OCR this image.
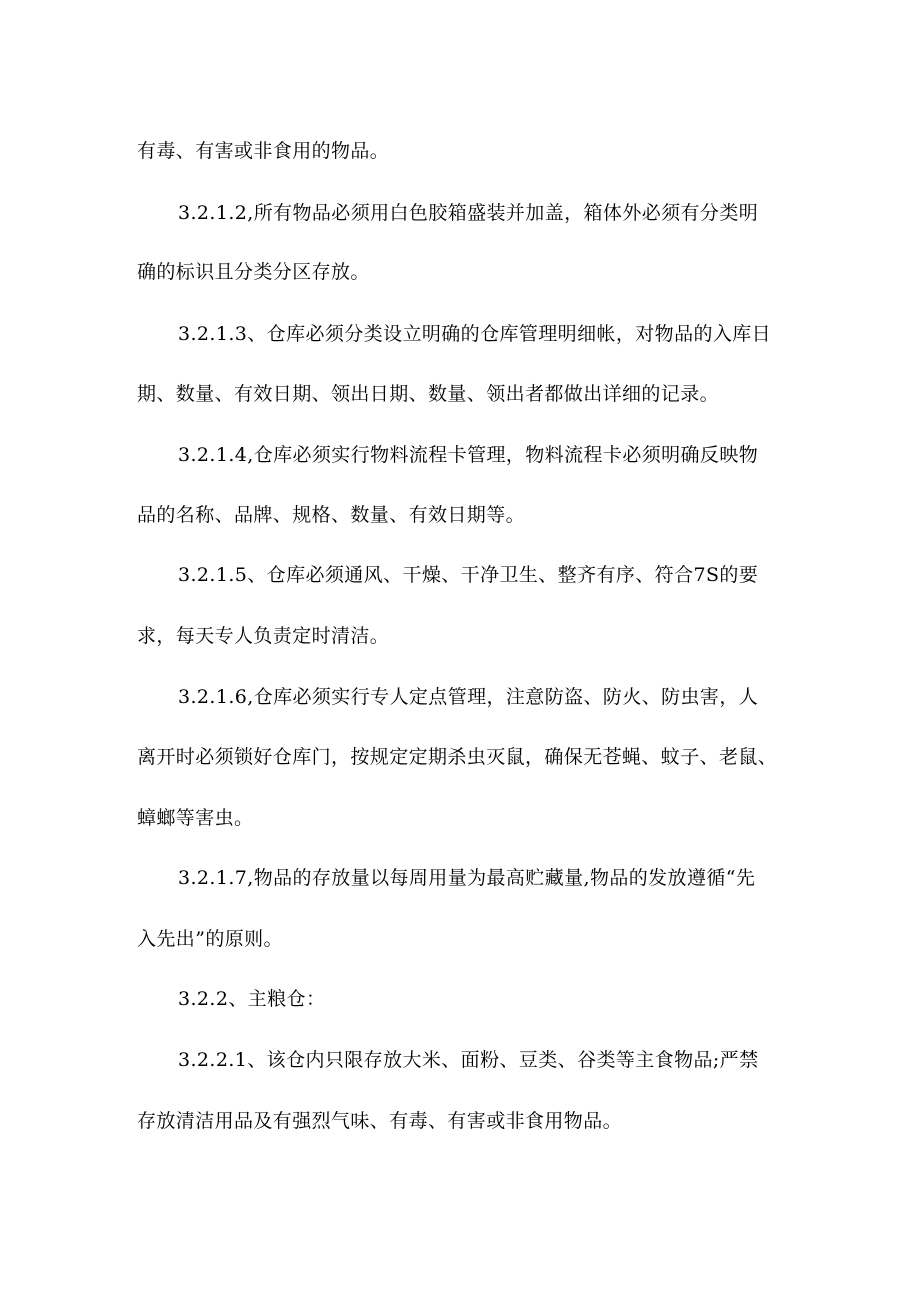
有毒、有害或非食用的物品。
3.2.1.2,所有物品必须用白色胶箱盛装并加盖，箱体外必须有分类明
确的标识且分类分区存放。
3.2.1.3、仓库必须分类设立明确的仓库管理明细帐，对物品的入库日
期、数量、有效日期、领出日期、数量、领出者都做出详细的记录。
3.2.1.4,仓库必须实行物料流程卡管理，物料流程卡必须明确反映物
品的名称、品牌、规格、数量、有效日期等。
3.2.1.5、仓库必须通风、干燥、干净卫生、整齐有序、符合7S的要
求，每天专人负责定时清洁。
3.2.1.6,仓库必须实行专人定点管理，注意防盗、防火、防虫害，人
离开时必须锁好仓库门，按规定定期杀虫灭鼠，确保无苍蝇、蚊子、老鼠、
蟑螂等害虫。
3.2.1.7,物品的存放量以每周用量为最高贮藏量,物品的发放遵循“先
入先出”的原则。
3.2.2、主粮仓：
3.2.2.1、该仓内只限存放大米、面粉、豆类、谷类等主食物品;严禁
存放清洁用品及有强烈气味、有毒、有害或非食用物品。
